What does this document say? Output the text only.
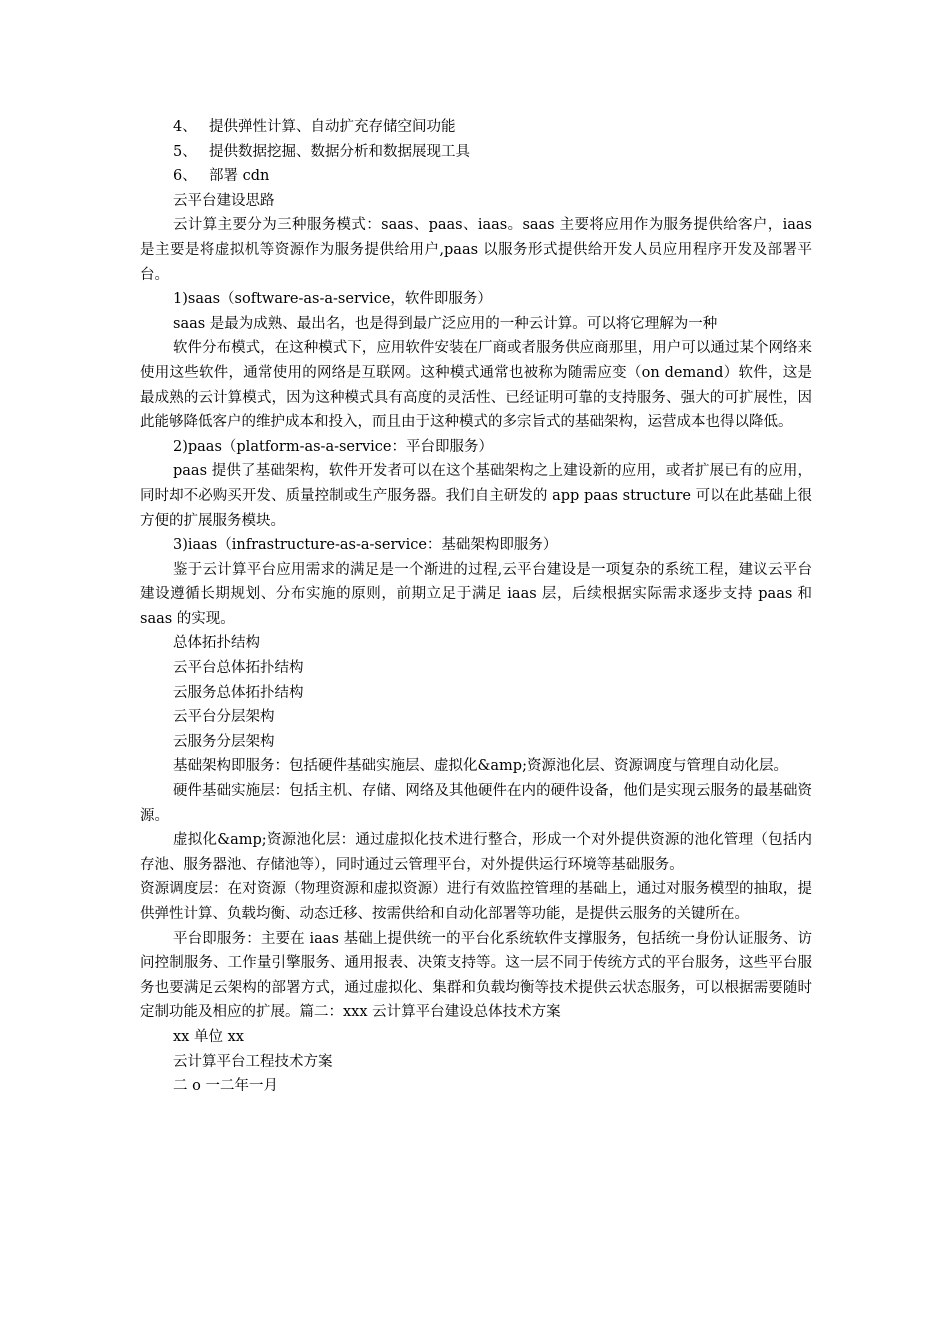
4、 提供弹性计算、自动扩充存储空间功能
5、 提供数据挖掘、数据分析和数据展现工具
6、 部署 cdn

云平台建设思路

云计算主要分为三种服务模式：saas、paas、iaas。saas 主要将应用作为服务提供给客户，iaas 是主要是将虚拟机等资源作为服务提供给用户,paas 以服务形式提供给开发人员应用程序开发及部署平台。

1)saas（software-as-a-service，软件即服务）

saas 是最为成熟、最出名，也是得到最广泛应用的一种云计算。可以将它理解为一种

软件分布模式，在这种模式下，应用软件安装在厂商或者服务供应商那里，用户可以通过某个网络来使用这些软件，通常使用的网络是互联网。这种模式通常也被称为随需应变（on demand）软件，这是最成熟的云计算模式，因为这种模式具有高度的灵活性、已经证明可靠的支持服务、强大的可扩展性，因此能够降低客户的维护成本和投入，而且由于这种模式的多宗旨式的基础架构，运营成本也得以降低。

2)paas（platform-as-a-service：平台即服务）

paas 提供了基础架构，软件开发者可以在这个基础架构之上建设新的应用，或者扩展已有的应用，同时却不必购买开发、质量控制或生产服务器。我们自主研发的 app paas structure 可以在此基础上很方便的扩展服务模块。

3)iaas（infrastructure-as-a-service：基础架构即服务）

鉴于云计算平台应用需求的满足是一个渐进的过程,云平台建设是一项复杂的系统工程，建议云平台建设遵循长期规划、分布实施的原则，前期立足于满足 iaas 层，后续根据实际需求逐步支持 paas 和 saas 的实现。

总体拓扑结构

云平台总体拓扑结构

云服务总体拓扑结构

云平台分层架构

云服务分层架构

基础架构即服务：包括硬件基础实施层、虚拟化&amp;资源池化层、资源调度与管理自动化层。

硬件基础实施层：包括主机、存储、网络及其他硬件在内的硬件设备，他们是实现云服务的最基础资源。

虚拟化&amp;资源池化层：通过虚拟化技术进行整合，形成一个对外提供资源的池化管理（包括内存池、服务器池、存储池等），同时通过云管理平台，对外提供运行环境等基础服务。

资源调度层：在对资源（物理资源和虚拟资源）进行有效监控管理的基础上，通过对服务模型的抽取，提供弹性计算、负载均衡、动态迁移、按需供给和自动化部署等功能，是提供云服务的关键所在。

平台即服务：主要在 iaas 基础上提供统一的平台化系统软件支撑服务，包括统一身份认证服务、访问控制服务、工作量引擎服务、通用报表、决策支持等。这一层不同于传统方式的平台服务，这些平台服务也要满足云架构的部署方式，通过虚拟化、集群和负载均衡等技术提供云状态服务，可以根据需要随时定制功能及相应的扩展。篇二：xxx 云计算平台建设总体技术方案

xx 单位 xx

云计算平台工程技术方案

二 o 一二年一月
